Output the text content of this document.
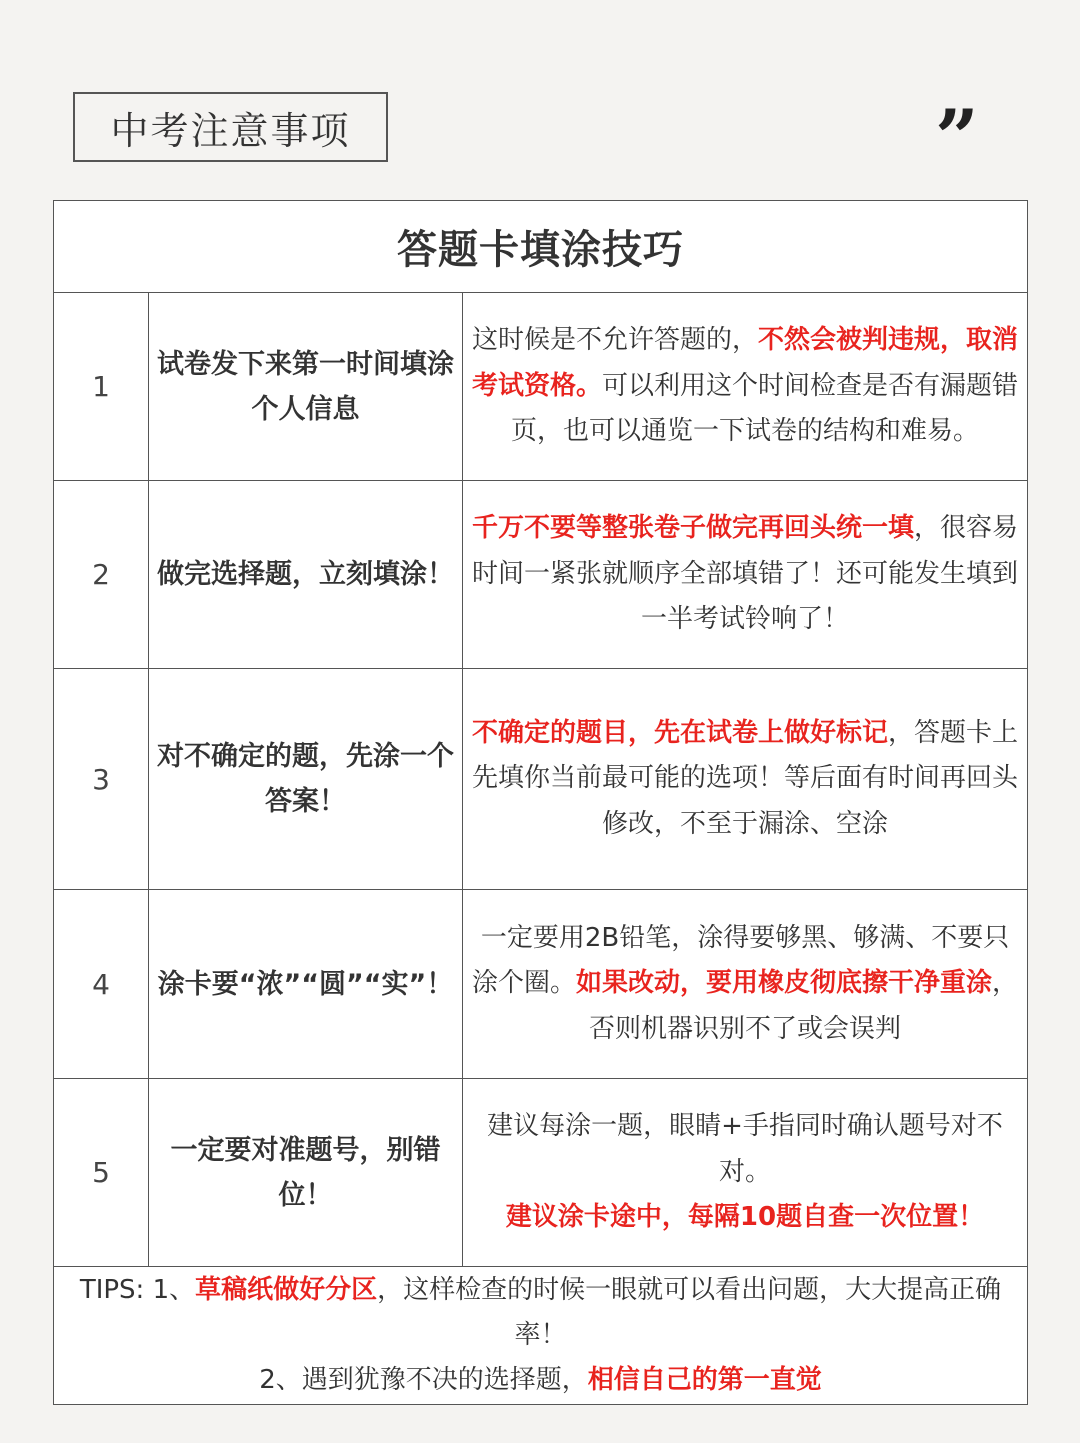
中考注意事项	”
答题卡填涂技巧		
1	试卷发下来第一时间填涂个人信息	这时候是不允许答题的，不然会被判违规，取消考试资格。可以利用这个时间检查是否有漏题错页，也可以通览一下试卷的结构和难易。
2	做完选择题，立刻填涂！	千万不要等整张卷子做完再回头统一填，很容易时间一紧张就顺序全部填错了！还可能发生填到一半考试铃响了！
3	对不确定的题，先涂一个答案！	不确定的题目，先在试卷上做好标记，答题卡上先填你当前最可能的选项！等后面有时间再回头修改，不至于漏涂、空涂
4	涂卡要“浓”“圆”“实”！	一定要用2B铅笔，涂得要够黑、够满、不要只涂个圈。如果改动，要用橡皮彻底擦干净重涂，否则机器识别不了或会误判
5	一定要对准题号，别错位！	建议每涂一题，眼睛+手指同时确认题号对不对。
建议涂卡途中，每隔10题自查一次位置！
TIPS: 1、草稿纸做好分区，这样检查的时候一眼就可以看出问题，大大提高正确率！
2、遇到犹豫不决的选择题，相信自己的第一直觉		
